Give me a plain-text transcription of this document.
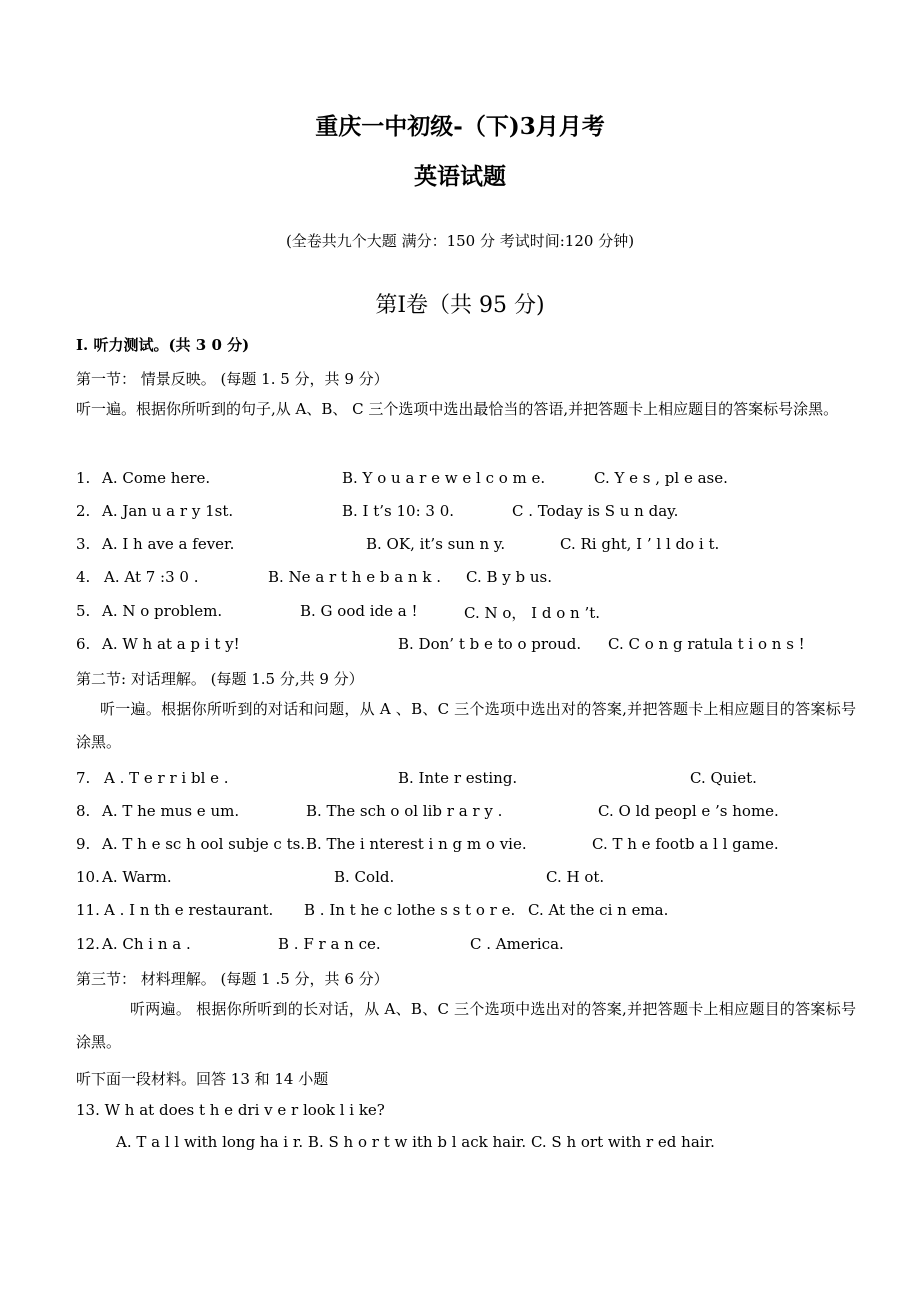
重庆一中初级-（下)3月月考
英语试题
(全卷共九个大题 满分：150 分 考试时间:120 分钟)
第Ⅰ卷（共 95 分)
Ⅰ. 听力测试。(共 3 0 分)
第一节： 情景反映。 (每题 1. 5 分，共 9 分）
听一遍。根据你所听到的句子,从 A、B、 C 三个选项中选出最恰当的答语,并把答题卡上相应题目的答案标号涂黑。
1. A. Come here.	B. Y o u a r e w e l c o m e.	C. Y e s , pl e ase.
2. A. Jan u a r y 1st.	B. I t’s 10: 3 0.	C . Today is S u n day.
3. A. I h ave a fever.	B. OK, it’s sun n y.	C. Ri ght, I ’ l l do i t.
4. A. At 7 :3 0 .	B. Ne a r t h e b a n k . C. B y b us.
5. A. N o problem.	B. G ood ide a !	C. N o， I d o n ’t.
6. A. W h at a p i t y!	B. Don’ t b e to o proud. C. C o n g ratula t i o n s !
第二节: 对话理解。 (每题 1.5 分,共 9 分）
听一遍。根据你所听到的对话和问题，从 A 、B、C 三个选项中选出对的答案,并把答题卡上相应题目的答案标号涂黑。
7. A . T e r r i bl e .	B. Inte r esting.	C. Quiet.
8. A. T he mus e um.	B. The sch o ol lib r a r y .	C. O ld peopl e ’s home.
9. A. T h e sc h ool subje c ts. B. The i nterest i n g m o vie.	C. T h e footb a l l game.
10. A. Warm.	B. Cold.	C. H ot.
11. A . I n th e restaurant. B . In t he c lothe s s t o r e. C. At the ci n ema.
12. A. Ch i n a .	B . F r a n ce.	C . America.
第三节： 材料理解。 (每题 1 .5 分，共 6 分）
听两遍。 根据你所听到的长对话，从 A、B、C 三个选项中选出对的答案,并把答题卡上相应题目的答案标号涂黑。
听下面一段材料。回答 13 和 14 小题
13. W h at does t h e dri v e r look l i ke?
A. T a l l with long ha i r. B. S h o r t w ith b l ack hair. C. S h ort with r ed hair.
